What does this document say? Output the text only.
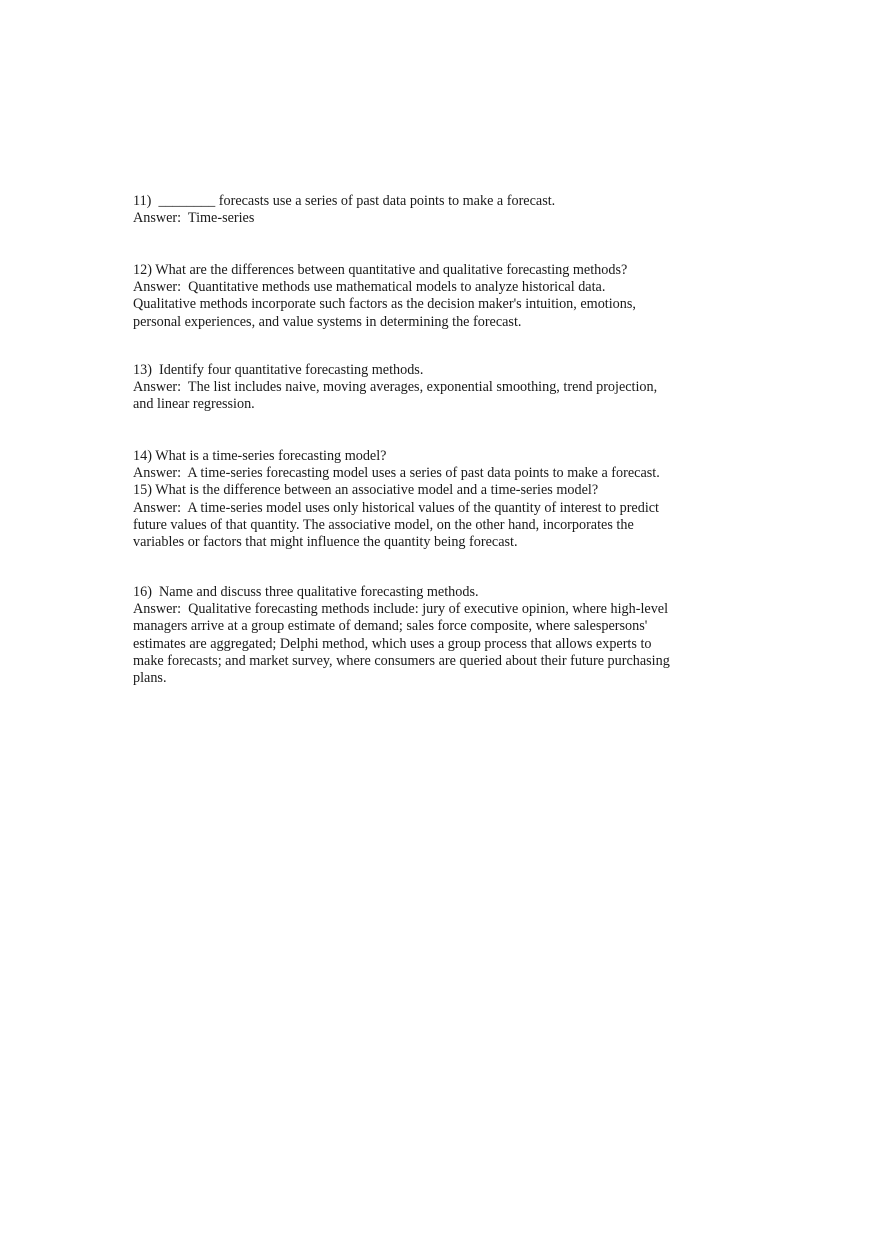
11)  ________ forecasts use a series of past data points to make a forecast.
Answer:  Time-series
12) What are the differences between quantitative and qualitative forecasting methods?
Answer:  Quantitative methods use mathematical models to analyze historical data.
Qualitative methods incorporate such factors as the decision maker's intuition, emotions,
personal experiences, and value systems in determining the forecast.
13)  Identify four quantitative forecasting methods.
Answer:  The list includes naive, moving averages, exponential smoothing, trend projection,
and linear regression.
14) What is a time-series forecasting model?
Answer:  A time-series forecasting model uses a series of past data points to make a forecast.
15) What is the difference between an associative model and a time-series model?
Answer:  A time-series model uses only historical values of the quantity of interest to predict
future values of that quantity. The associative model, on the other hand, incorporates the
variables or factors that might influence the quantity being forecast.
16)  Name and discuss three qualitative forecasting methods.
Answer:  Qualitative forecasting methods include: jury of executive opinion, where high-level
managers arrive at a group estimate of demand; sales force composite, where salespersons'
estimates are aggregated; Delphi method, which uses a group process that allows experts to
make forecasts; and market survey, where consumers are queried about their future purchasing
plans.
